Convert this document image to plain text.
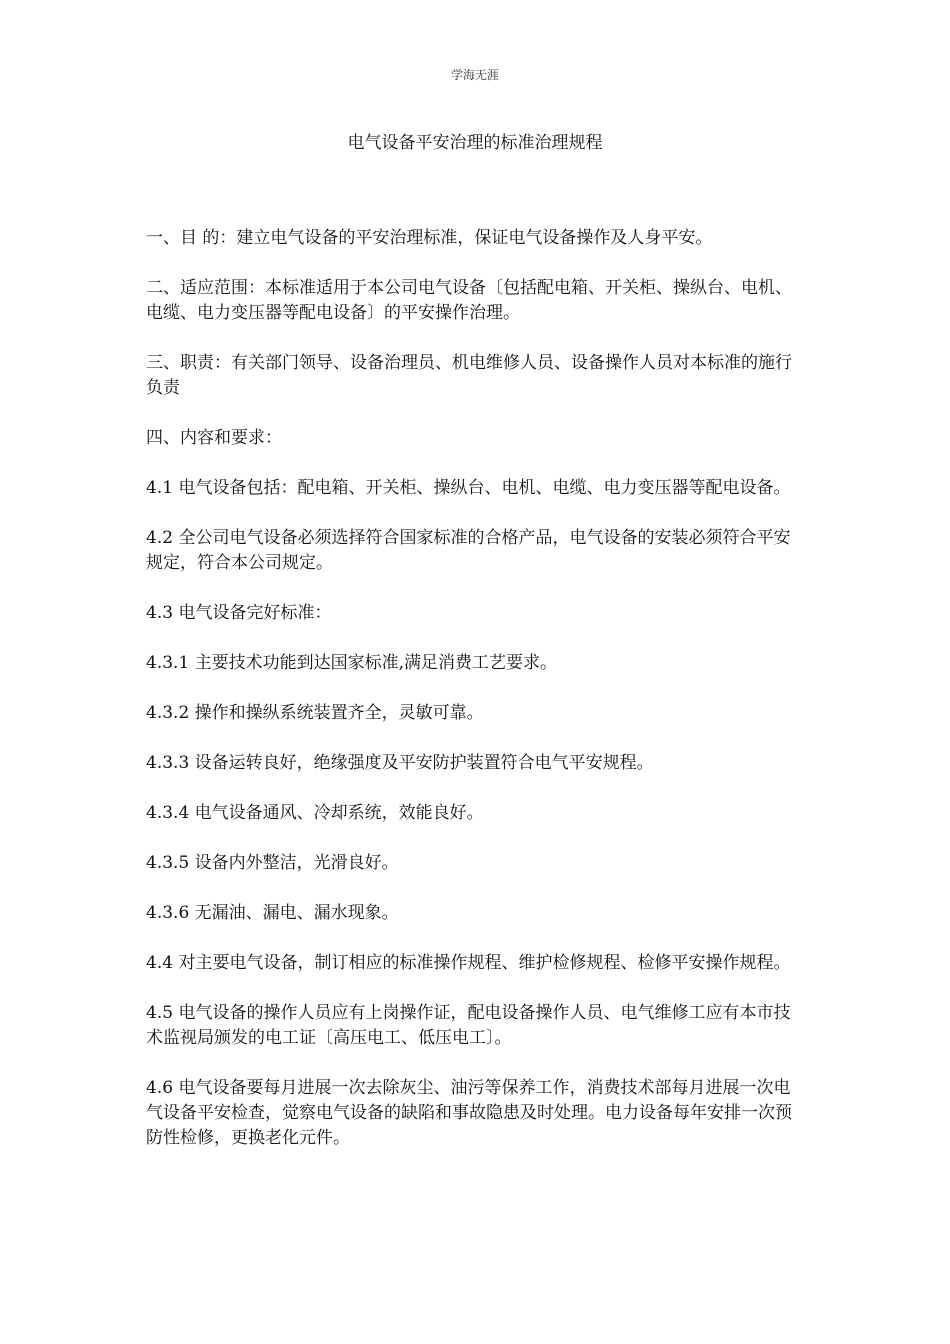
学海无涯
电气设备平安治理的标准治理规程

一、目 的：建立电气设备的平安治理标准，保证电气设备操作及人身平安。

二、适应范围：本标准适用于本公司电气设备〔包括配电箱、开关柜、操纵台、电机、电缆、电力变压器等配电设备〕的平安操作治理。

三、职责：有关部门领导、设备治理员、机电维修人员、设备操作人员对本标准的施行负责

四、内容和要求：

4.1 电气设备包括：配电箱、开关柜、操纵台、电机、电缆、电力变压器等配电设备。

4.2 全公司电气设备必须选择符合国家标准的合格产品，电气设备的安装必须符合平安规定，符合本公司规定。

4.3 电气设备完好标准：

4.3.1 主要技术功能到达国家标准,满足消费工艺要求。

4.3.2 操作和操纵系统装置齐全，灵敏可靠。

4.3.3 设备运转良好，绝缘强度及平安防护装置符合电气平安规程。

4.3.4 电气设备通风、冷却系统，效能良好。

4.3.5 设备内外整洁，光滑良好。

4.3.6 无漏油、漏电、漏水现象。

4.4 对主要电气设备，制订相应的标准操作规程、维护检修规程、检修平安操作规程。

4.5 电气设备的操作人员应有上岗操作证，配电设备操作人员、电气维修工应有本市技术监视局颁发的电工证〔高压电工、低压电工〕。

4.6 电气设备要每月进展一次去除灰尘、油污等保养工作，消费技术部每月进展一次电气设备平安检查，觉察电气设备的缺陷和事故隐患及时处理。电力设备每年安排一次预防性检修，更换老化元件。
